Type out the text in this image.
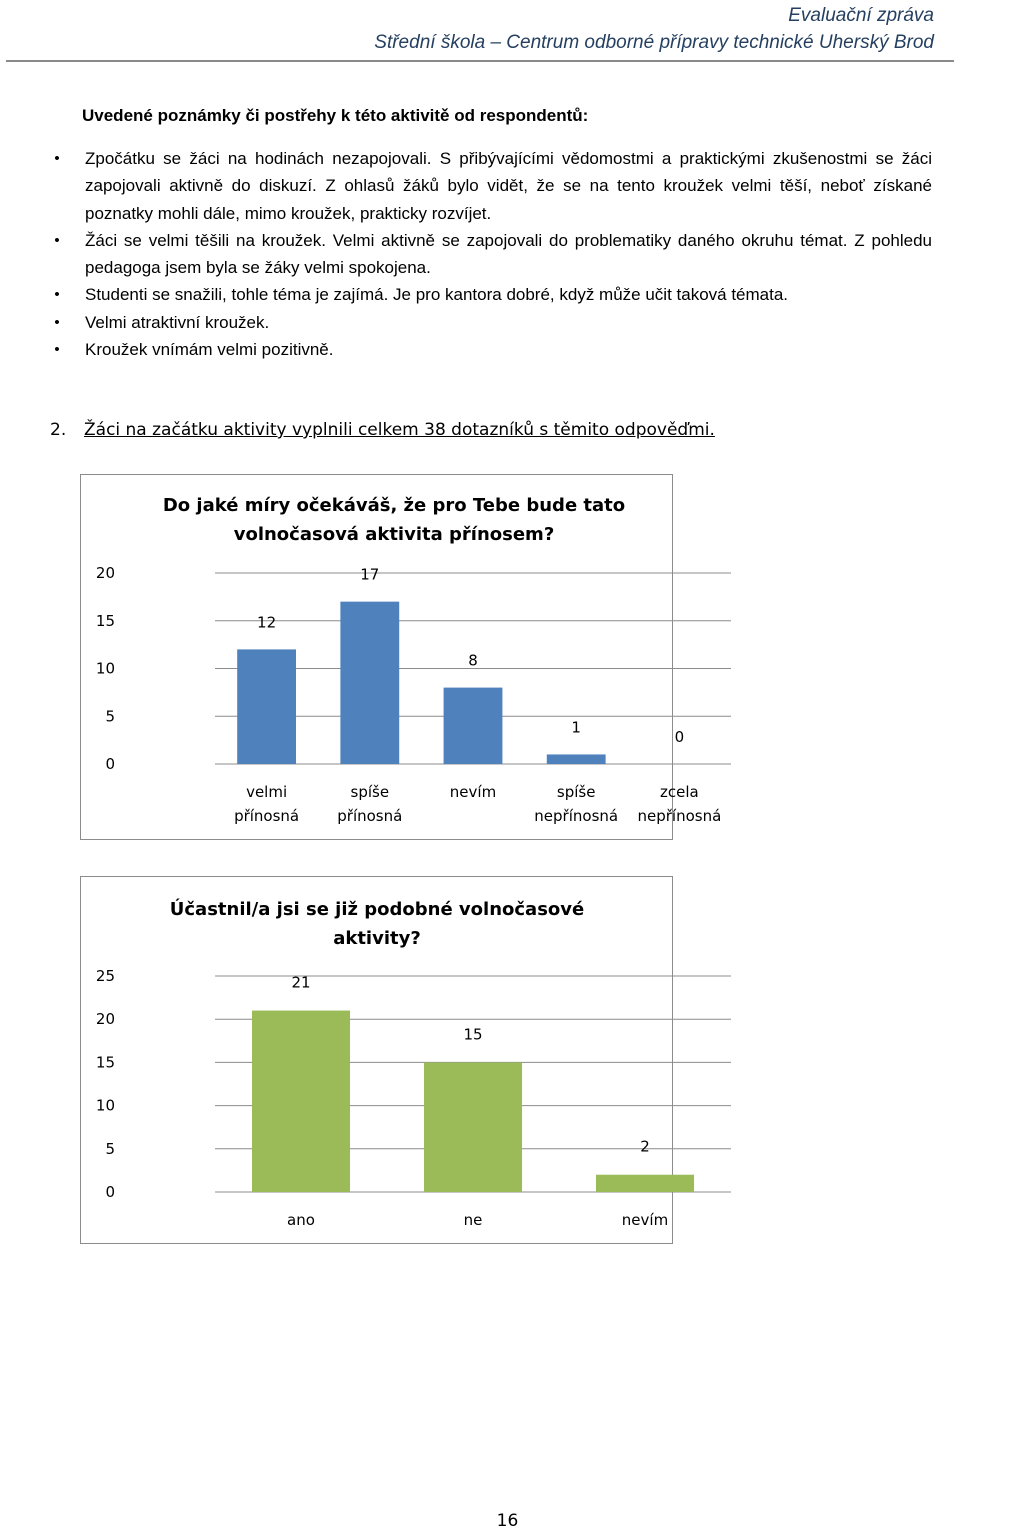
Evaluační zpráva
Střední škola – Centrum odborné přípravy technické Uherský Brod
Uvedené poznámky či postřehy k této aktivitě od respondentů:
• Zpočátku se žáci na hodinách nezapojovali. S přibývajícími vědomostmi a praktickými zkušenostmi se žáci zapojovali aktivně do diskuzí. Z ohlasů žáků bylo vidět, že se na tento kroužek velmi těší, neboť získané poznatky mohli dále, mimo kroužek, prakticky rozvíjet.
• Žáci se velmi těšili na kroužek. Velmi aktivně se zapojovali do problematiky daného okruhu témat. Z pohledu pedagoga jsem byla se žáky velmi spokojena.
• Studenti se snažili, tohle téma je zajímá. Je pro kantora dobré, když může učit taková témata.
• Velmi atraktivní kroužek.
• Kroužek vnímám velmi pozitivně.
2. Žáci na začátku aktivity vyplnili celkem 38 dotazníků s těmito odpověďmi.
Do jaké míry očekáváš, že pro Tebe bude tato
volnočasová aktivita přínosem?
0
5
10
15
20
12
velmi
přínosná
17
spíše
přínosná
8
nevím
1
spíše
nepřínosná
0
zcela
nepřínosná
Účastnil/a jsi se již podobné volnočasové
aktivity?
0
5
10
15
20
25	21
ano
15
ne
2
nevím
16
